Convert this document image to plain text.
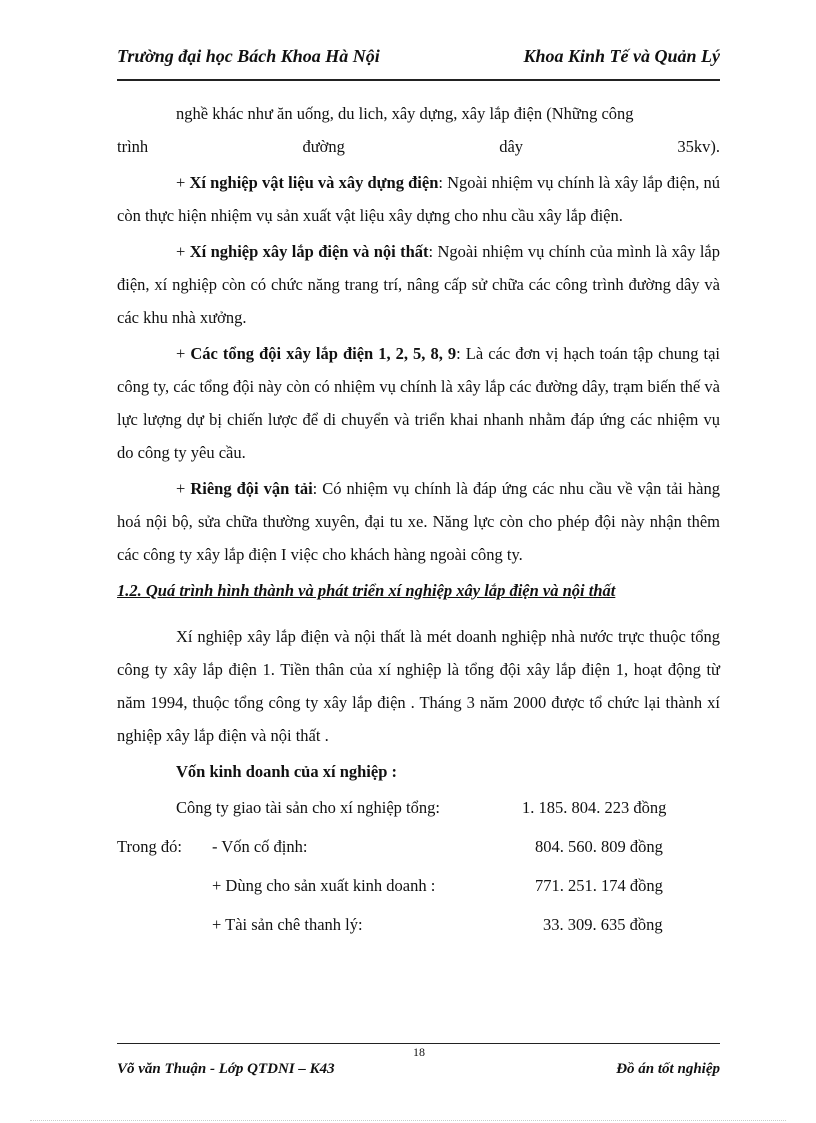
Trường đại học Bách Khoa Hà Nội	Khoa Kinh Tế và Quản Lý

nghề khác như ăn uống, du lich, xây dựng, xây lắp điện (Những công

trình	đường	dây	35kv).

+ Xí nghiệp vật liệu và xây dựng điện: Ngoài nhiệm vụ chính là xây lắp điện, nú còn thực hiện nhiệm vụ sản xuất vật liệu xây dựng cho nhu cầu xây lắp điện.

+ Xí nghiệp xây lắp điện và nội thất: Ngoài nhiệm vụ chính của mình là xây lắp điện, xí nghiệp còn có chức năng trang trí, nâng cấp sử chữa các công trình đường dây và các khu nhà xưởng.

+ Các tổng đội xây lắp điện 1, 2, 5, 8, 9: Là các đơn vị hạch toán tập chung tại công ty, các tổng đội này còn có nhiệm vụ chính là xây lắp các đường dây, trạm biến thế và lực lượng dự bị chiến lược để di chuyển và triển khai nhanh nhằm đáp ứng các nhiệm vụ do công ty yêu cầu.

+ Riêng đội vận tải: Có nhiệm vụ chính là đáp ứng các nhu cầu về vận tải hàng hoá nội bộ, sửa chữa thường xuyên, đại tu xe. Năng lực còn cho phép đội này nhận thêm các công ty xây lắp điện I việc cho khách hàng ngoài công ty.

1.2. Quá trình hình thành và phát triển xí nghiệp xây lắp điện và nội thất

Xí nghiệp xây lắp điện và nội thất là mét doanh nghiệp nhà nước trực thuộc tổng công ty xây lắp điện 1. Tiền thân của xí nghiệp là tổng đội xây lắp điện 1, hoạt động từ năm 1994, thuộc tổng công ty xây lắp điện . Tháng 3 năm 2000 được tổ chức lại thành xí nghiệp xây lắp điện và nội thất .

Vốn kinh doanh của xí nghiệp :

Công ty giao tài sản cho xí nghiệp tổng:	1. 185. 804. 223 đồng
Trong đó: - Vốn cố định:	804. 560. 809 đồng
+ Dùng cho sản xuất kinh doanh :	771. 251. 174 đồng
+ Tài sản chê thanh lý:	33. 309. 635 đồng
18
Võ văn Thuận - Lớp QTDNI – K43	Đồ án tốt nghiệp
